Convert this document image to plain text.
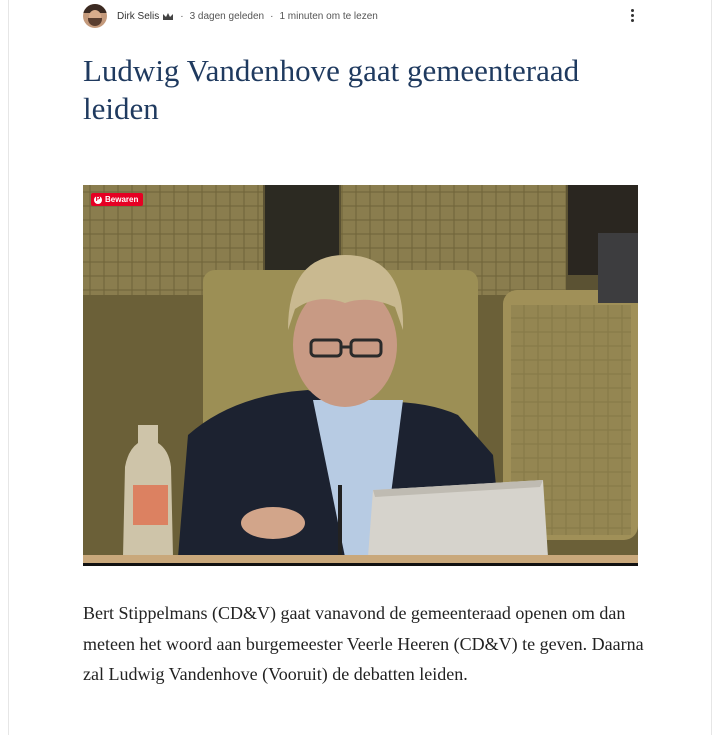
Dirk Selis · 3 dagen geleden · 1 minuten om te lezen
Ludwig Vandenhove gaat gemeenteraad leiden
P Bewaren

Bert Stippelmans (CD&V) gaat vanavond de gemeenteraad openen om dan meteen het woord aan burgemeester Veerle Heeren (CD&V) te geven. Daarna zal Ludwig Vandenhove (Vooruit) de debatten leiden.
